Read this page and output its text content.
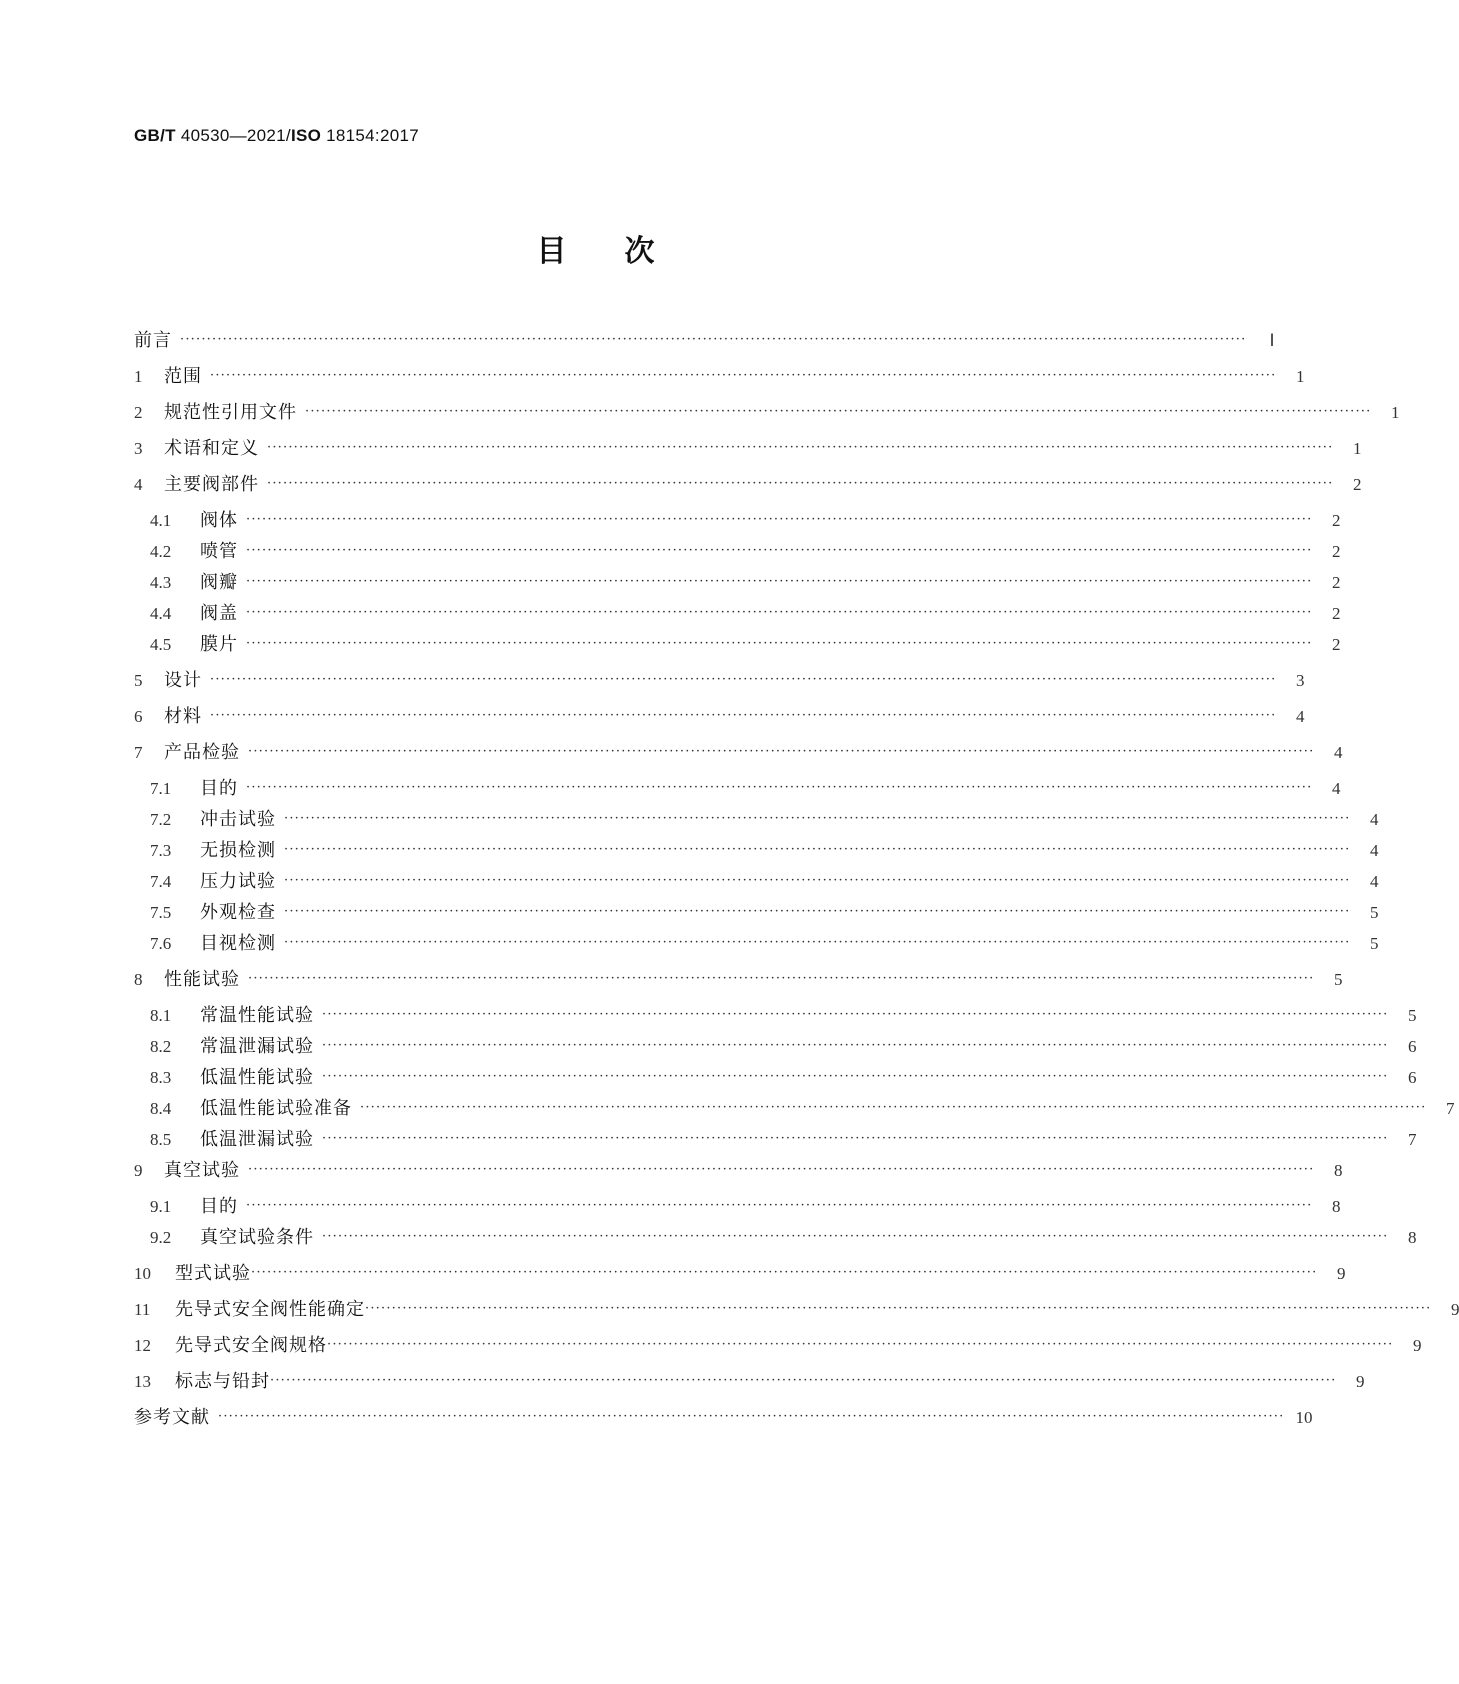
GB/T 40530—2021/ISO 18154:2017
目 次
前言 ········································································································································································································	Ⅰ
1	范围 ········································································································································································································	1
2	规范性引用文件 ········································································································································································································	1
3	术语和定义 ········································································································································································································	1
4	主要阀部件 ········································································································································································································	2
4.1	阀体 ········································································································································································································	2
4.2	喷管 ········································································································································································································	2
4.3	阀瓣 ········································································································································································································	2
4.4	阀盖 ········································································································································································································	2
4.5	膜片 ········································································································································································································	2
5	设计 ········································································································································································································	3
6	材料 ········································································································································································································	4
7	产品检验 ········································································································································································································	4
7.1	目的 ········································································································································································································	4
7.2	冲击试验 ········································································································································································································	4
7.3	无损检测 ········································································································································································································	4
7.4	压力试验 ········································································································································································································	4
7.5	外观检查 ········································································································································································································	5
7.6	目视检测 ········································································································································································································	5
8	性能试验 ········································································································································································································	5
8.1	常温性能试验 ········································································································································································································	5
8.2	常温泄漏试验 ········································································································································································································	6
8.3	低温性能试验 ········································································································································································································	6
8.4	低温性能试验准备 ········································································································································································································	7
8.5	低温泄漏试验 ········································································································································································································	7
9	真空试验 ········································································································································································································	8
9.1	目的 ········································································································································································································	8
9.2	真空试验条件 ········································································································································································································	8
10	型式试验 ········································································································································································································	9
11	先导式安全阀性能确定 ········································································································································································································	9
12	先导式安全阀规格 ········································································································································································································	9
13	标志与铅封 ········································································································································································································	9
参考文献 ········································································································································································································ 10
